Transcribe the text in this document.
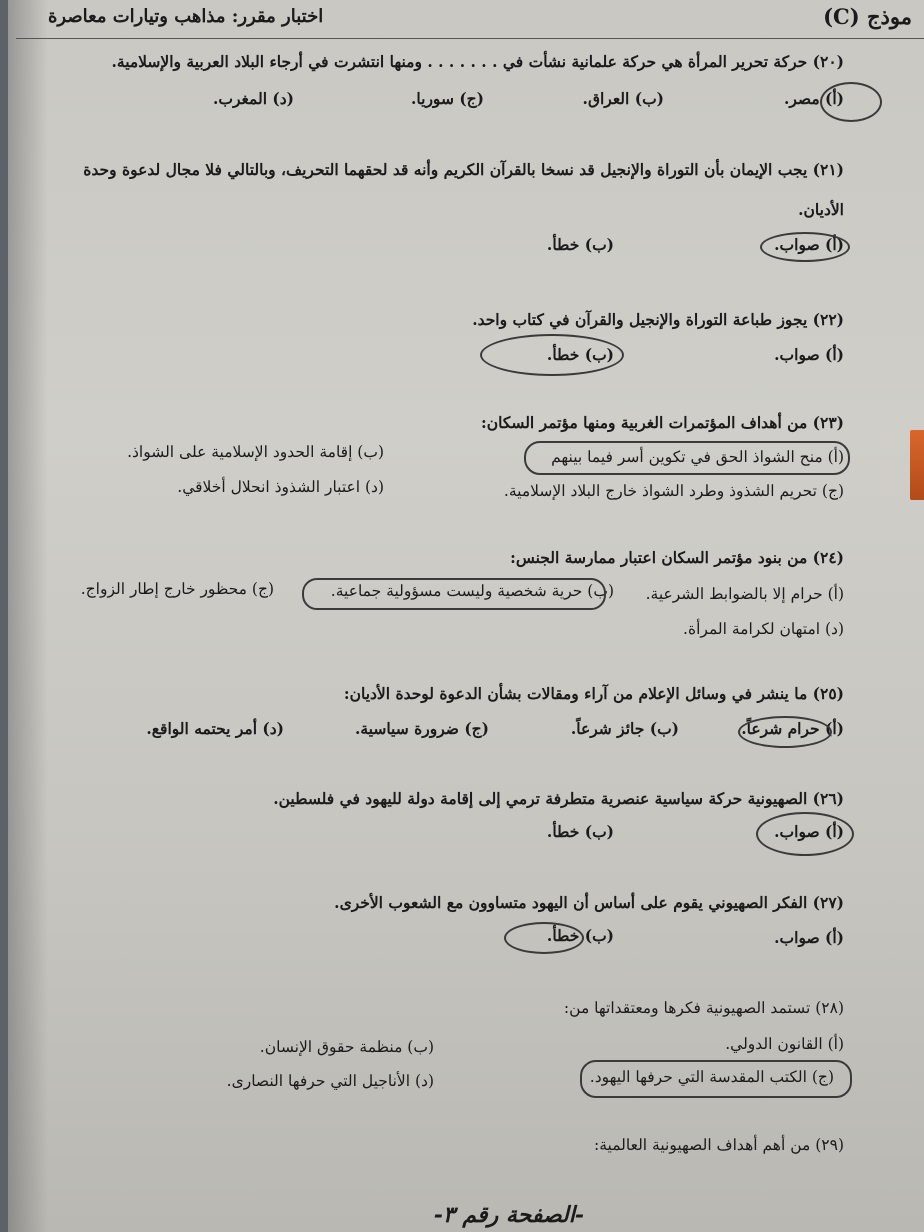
موذج (C)
اختبار مقرر: مذاهب وتيارات معاصرة
(٢٠) حركة تحرير المرأة هي حركة علمانية نشأت في . . . . . . . ومنها انتشرت في أرجاء البلاد العربية والإسلامية.
(أ) مصر.
(ب) العراق.
(ج) سوريا.
(د) المغرب.
(٢١) يجب الإيمان بأن التوراة والإنجيل قد نسخا بالقرآن الكريم وأنه قد لحقهما التحريف، وبالتالي فلا مجال لدعوة وحدة
الأديان.
(أ) صواب.
(ب) خطأ.
(٢٢) يجوز طباعة التوراة والإنجيل والقرآن في كتاب واحد.
(أ) صواب.
(ب) خطأ.
(٢٣) من أهداف المؤتمرات الغربية ومنها مؤتمر السكان:
(أ) منح الشواذ الحق في تكوين أسر فيما بينهم
(ب) إقامة الحدود الإسلامية على الشواذ.
(ج) تحريم الشذوذ وطرد الشواذ خارج البلاد الإسلامية.
(د) اعتبار الشذوذ انحلال أخلاقي.
(٢٤) من بنود مؤتمر السكان اعتبار ممارسة الجنس:
(أ) حرام إلا بالضوابط الشرعية.
(ب) حرية شخصية وليست مسؤولية جماعية.
(ج) محظور خارج إطار الزواج.
(د) امتهان لكرامة المرأة.
(٢٥) ما ينشر في وسائل الإعلام من آراء ومقالات بشأن الدعوة لوحدة الأديان:
(أ) حرام شرعاً.
(ب) جائز شرعاً.
(ج) ضرورة سياسية.
(د) أمر يحتمه الواقع.
(٢٦) الصهيونية حركة سياسية عنصرية متطرفة ترمي إلى إقامة دولة لليهود في فلسطين.
(أ) صواب.
(ب) خطأ.
(٢٧) الفكر الصهيوني يقوم على أساس أن اليهود متساوون مع الشعوب الأخرى.
(أ) صواب.
(ب) خطأ.
(٢٨) تستمد الصهيونية فكرها ومعتقداتها من:
(أ) القانون الدولي.
(ب) منظمة حقوق الإنسان.
(ج) الكتب المقدسة التي حرفها اليهود.
(د) الأناجيل التي حرفها النصارى.
(٢٩) من أهم أهداف الصهيونية العالمية:
-الصفحة رقم ٣-
